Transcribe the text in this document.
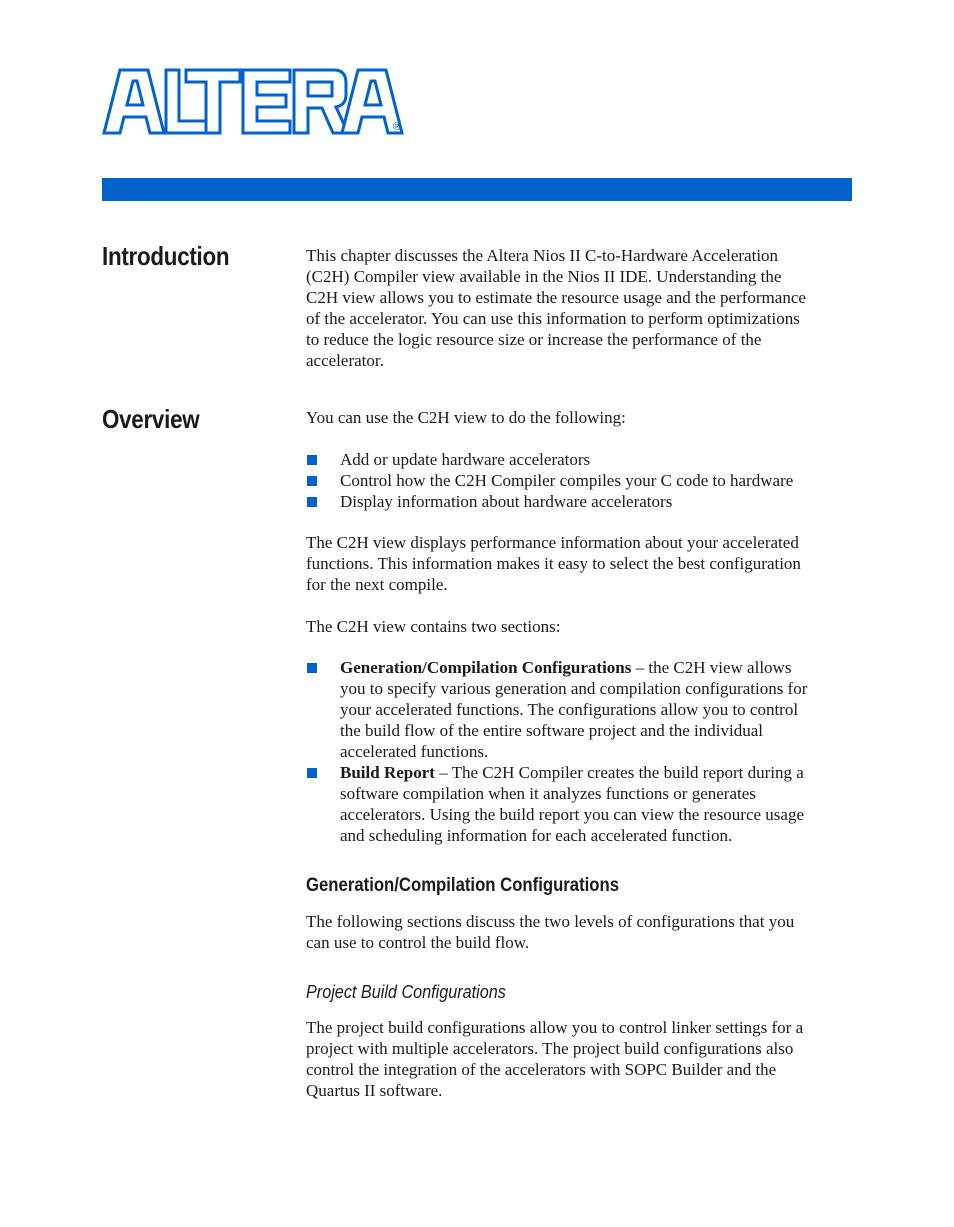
®
Introduction	This chapter discusses the Altera Nios II C-to-Hardware Acceleration
(C2H) Compiler view available in the Nios II IDE. Understanding the
C2H view allows you to estimate the resource usage and the performance
of the accelerator. You can use this information to perform optimizations
to reduce the logic resource size or increase the performance of the
accelerator.
Overview	You can use the C2H view to do the following:
Add or update hardware accelerators
Control how the C2H Compiler compiles your C code to hardware
Display information about hardware accelerators
The C2H view displays performance information about your accelerated
functions. This information makes it easy to select the best configuration
for the next compile.
The C2H view contains two sections:
Generation/Compilation Configurations – the C2H view allows
you to specify various generation and compilation configurations for
your accelerated functions. The configurations allow you to control
the build flow of the entire software project and the individual
accelerated functions.
Build Report – The C2H Compiler creates the build report during a
software compilation when it analyzes functions or generates
accelerators. Using the build report you can view the resource usage
and scheduling information for each accelerated function.
Generation/Compilation Configurations
The following sections discuss the two levels of configurations that you
can use to control the build flow.
Project Build Configurations
The project build configurations allow you to control linker settings for a
project with multiple accelerators. The project build configurations also
control the integration of the accelerators with SOPC Builder and the
Quartus II software.
